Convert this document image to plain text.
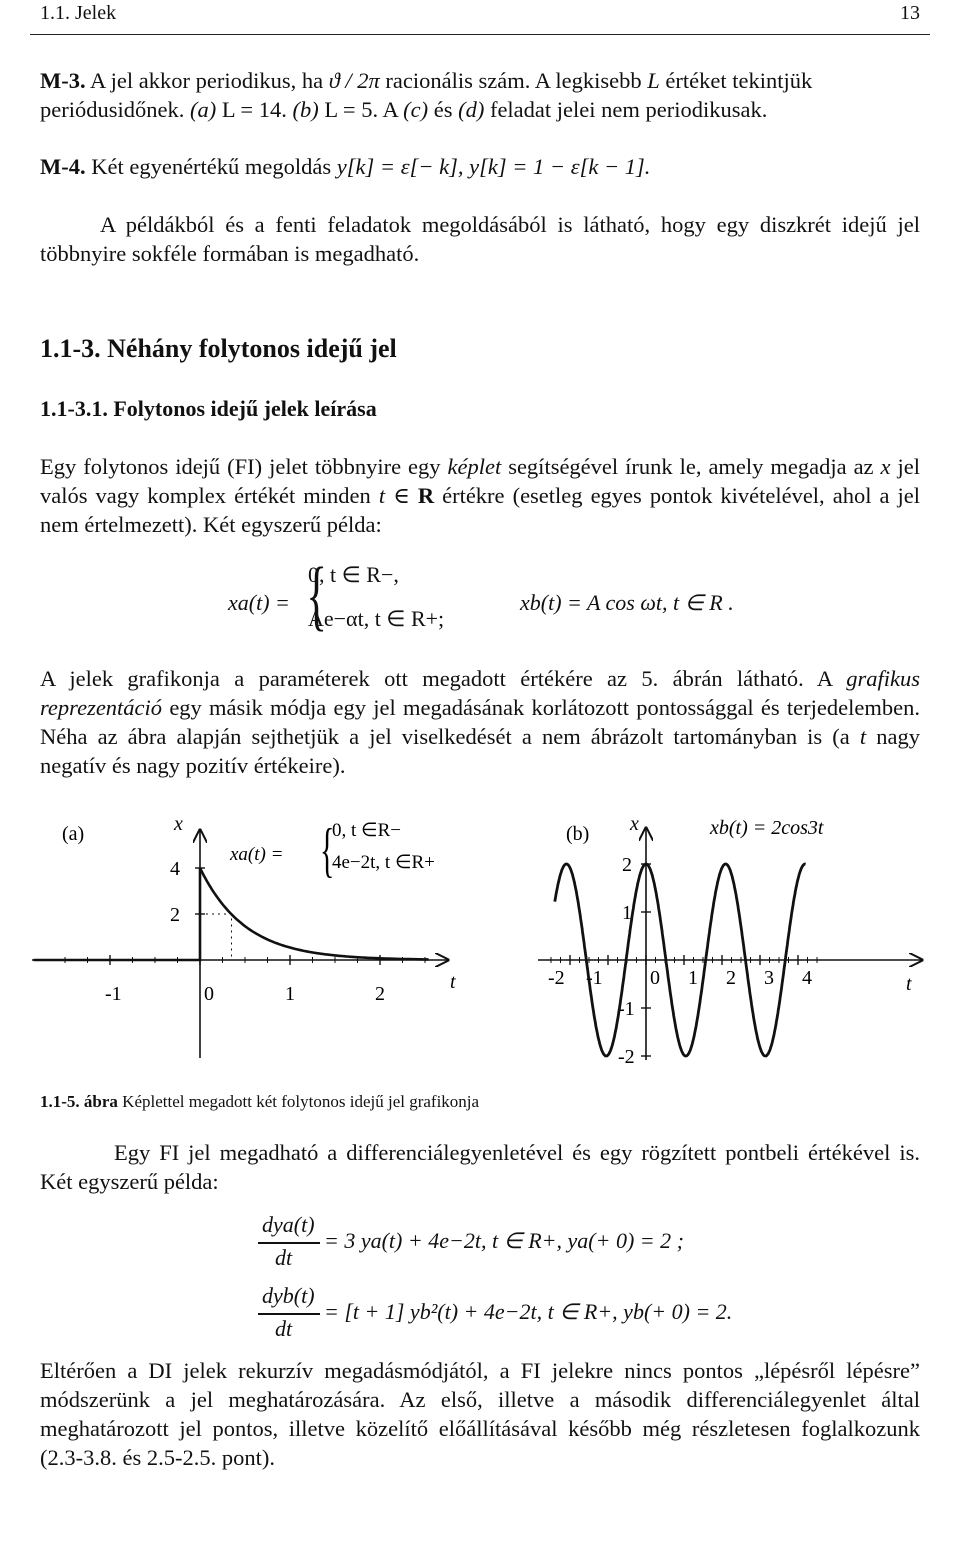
1.1. Jelek	13
M-3. A jel akkor periodikus, ha ϑ / 2π racionális szám. A legkisebb L értéket tekintjük periódusidőnek. (a) L = 14. (b) L = 5. A (c) és (d) feladat jelei nem periodikusak.
M-4. Két egyenértékű megoldás y[k] = ε[− k], y[k] = 1 − ε[k − 1].
A példákból és a fenti feladatok megoldásából is látható, hogy egy diszkrét idejű jel többnyire sokféle formában is megadható.
1.1-3. Néhány folytonos idejű jel
1.1-3.1. Folytonos idejű jelek leírása
Egy folytonos idejű (FI) jelet többnyire egy képlet segítségével írunk le, amely megadja az x jel valós vagy komplex értékét minden t ∈ R értékre (esetleg egyes pontok kivételével, ahol a jel nem értelmezett). Két egyszerű példa:
xa(t) = {
0, t ∈ R−,
Ae−αt, t ∈ R+;
xb(t) = A cos ωt, t ∈ R .
A jelek grafikonja a paraméterek ott megadott értékére az 5. ábrán látható. A grafikus reprezentáció egy másik módja egy jel megadásának korlátozott pontossággal és terjedelemben. Néha az ábra alapján sejthetjük a jel viselkedését a nem ábrázolt tartományban is (a t nagy negatív és nagy pozitív értékeire).
(a)	x
t
-1	0	1	2
4
2
xa(t) = {
0, t ∈R−
4e−2t, t ∈R+
(b) x
t
xb(t) = 2cos3t
-2 -1 0 1 2 3 4
2
1
-1
-2
1.1-5. ábra Képlettel megadott két folytonos idejű jel grafikonja
Egy FI jel megadható a differenciálegyenletével és egy rögzített pontbeli értékével is. Két egyszerű példa:
dya(t)
dt
= 3 ya(t) + 4e−2t, t ∈ R+, ya(+ 0) = 2 ;
dyb(t)
dt
= [t + 1] yb²(t) + 4e−2t, t ∈ R+, yb(+ 0) = 2.
Eltérően a DI jelek rekurzív megadásmódjától, a FI jelekre nincs pontos „lépésről lépésre” módszerünk a jel meghatározására. Az első, illetve a második differenciálegyenlet által meghatározott jel pontos, illetve közelítő előállításával később még részletesen foglalkozunk (2.3-3.8. és 2.5-2.5. pont).
